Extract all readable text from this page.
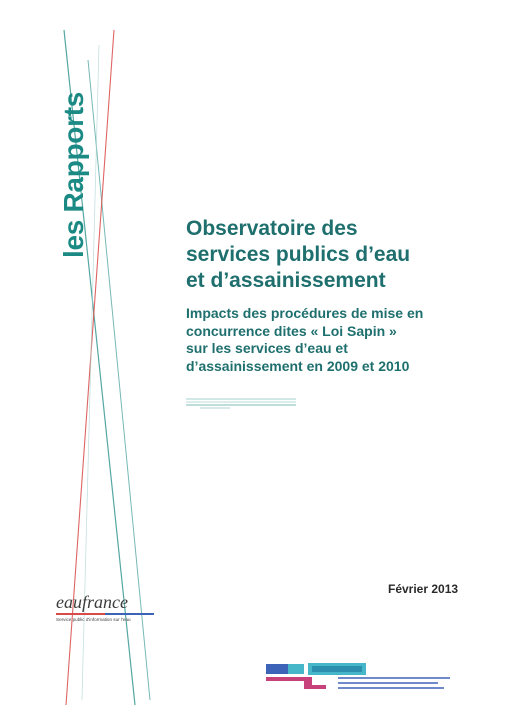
les Rapports	Observatoire des
services publics d’eau
et d’assainissement
Impacts des procédures de mise en
concurrence dites « Loi Sapin »
sur les services d’eau et
d’assainissement en 2009 et 2010
Février 2013
eaufrance
Service public d'information sur l'eau
